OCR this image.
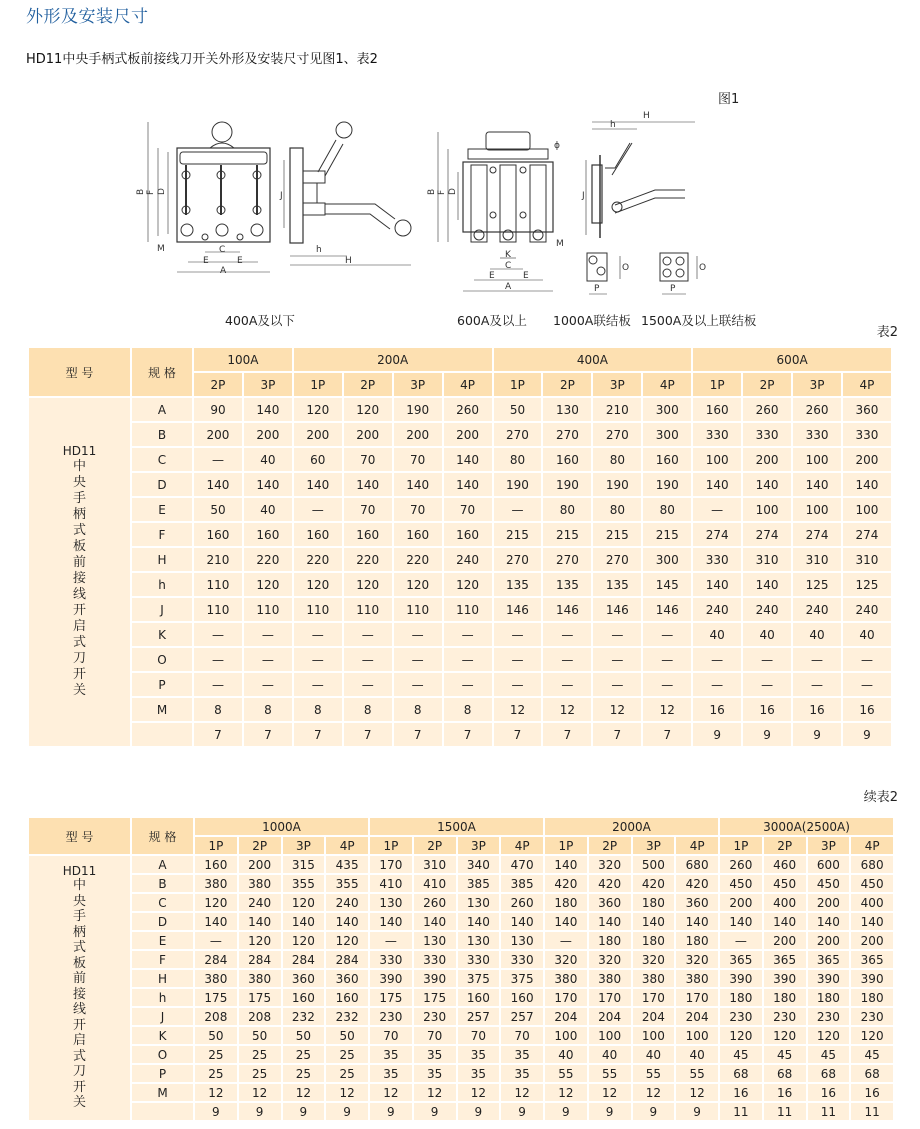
外形及安装尺寸
HD11中央手柄式板前接线刀开关外形及安装尺寸见图1、表2
图1
B F D
M	C
E	E
A
J
h
H
B F D
M
ϕ
K
C
E	E
A
J
h
H
P
O
P
O
400A及以下	600A及以上 1000A联结板 1500A及以上联结板
表2
型 号	规 格	100A		200A				400A				600A			
		2P	3P	1P	2P	3P	4P	1P	2P	3P	4P	1P	2P	3P	4P

HD11
中央手柄式板前接线开启式刀开关	A	90	140	120	120	190	260	50	130	210	300	160	260	260	360
	B	200	200	200	200	200	200	270	270	270	300	330	330	330	330
	C	—	40	60	70	70	140	80	160	80	160	100	200	100	200
	D	140	140	140	140	140	140	190	190	190	190	140	140	140	140
	E	50	40	—	70	70	70	—	80	80	80	—	100	100	100
	F	160	160	160	160	160	160	215	215	215	215	274	274	274	274
	H	210	220	220	220	220	240	270	270	270	300	330	310	310	310
	h	110	120	120	120	120	120	135	135	135	145	140	140	125	125
	J	110	110	110	110	110	110	146	146	146	146	240	240	240	240
	K	—	—	—	—	—	—	—	—	—	—	40	40	40	40
	O	—	—	—	—	—	—	—	—	—	—	—	—	—	—
	P	—	—	—	—	—	—	—	—	—	—	—	—	—	—
	M	8	8	8	8	8	8	12	12	12	12	16	16	16	16
		7	7	7	7	7	7	7	7	7	7	9	9	9	9
续表2
型 号	规 格	1000A				1500A				2000A				3000A(2500A)			
		1P	2P	3P	4P	1P	2P	3P	4P	1P	2P	3P	4P	1P	2P	3P	4P

HD11
中央手柄式板前接线开启式刀开关	A	160	200	315	435	170	310	340	470	140	320	500	680	260	460	600	680
	B	380	380	355	355	410	410	385	385	420	420	420	420	450	450	450	450
	C	120	240	120	240	130	260	130	260	180	360	180	360	200	400	200	400
	D	140	140	140	140	140	140	140	140	140	140	140	140	140	140	140	140
	E	—	120	120	120	—	130	130	130	—	180	180	180	—	200	200	200
	F	284	284	284	284	330	330	330	330	320	320	320	320	365	365	365	365
	H	380	380	360	360	390	390	375	375	380	380	380	380	390	390	390	390
	h	175	175	160	160	175	175	160	160	170	170	170	170	180	180	180	180
	J	208	208	232	232	230	230	257	257	204	204	204	204	230	230	230	230
	K	50	50	50	50	70	70	70	70	100	100	100	100	120	120	120	120
	O	25	25	25	25	35	35	35	35	40	40	40	40	45	45	45	45
	P	25	25	25	25	35	35	35	35	55	55	55	55	68	68	68	68
	M	12	12	12	12	12	12	12	12	12	12	12	12	16	16	16	16
		9	9	9	9	9	9	9	9	9	9	9	9	11	11	11	11
